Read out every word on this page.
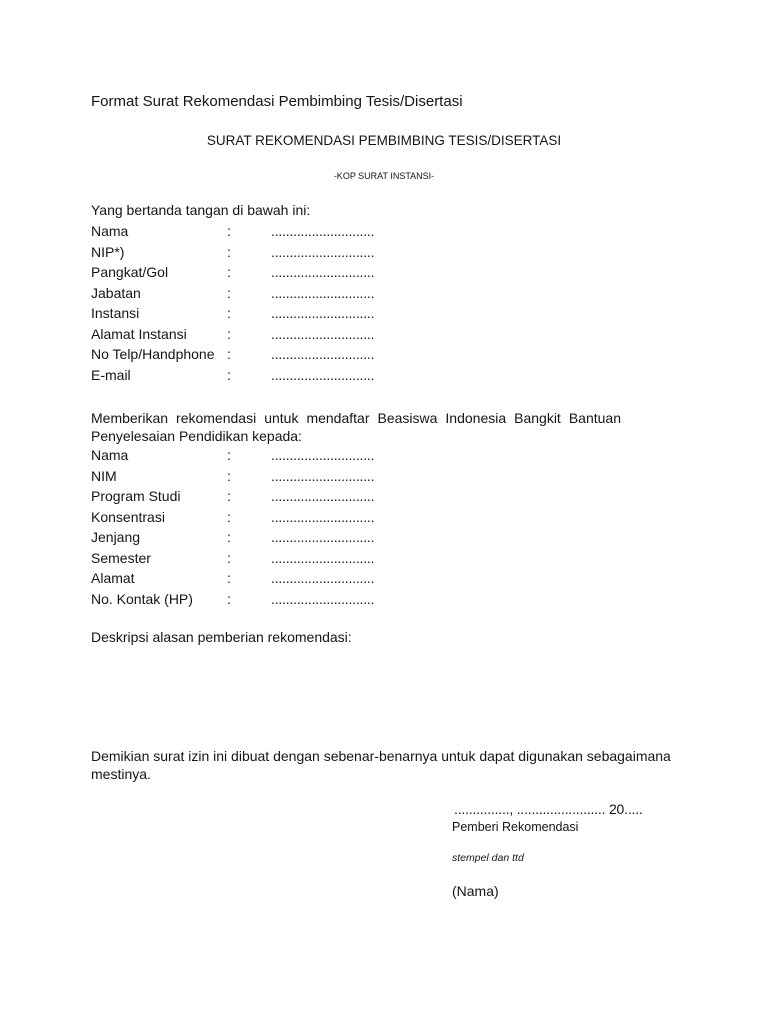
Format Surat Rekomendasi Pembimbing Tesis/Disertasi
SURAT REKOMENDASI PEMBIMBING TESIS/DISERTASI
-KOP SURAT INSTANSI-
Yang bertanda tangan di bawah ini:
Nama	:	............................
NIP*)	:	............................
Pangkat/Gol	:	............................
Jabatan	:	............................
Instansi	:	............................
Alamat Instansi	:	............................
No Telp/Handphone :	............................
E-mail	:	............................
Memberikan rekomendasi untuk mendaftar Beasiswa Indonesia Bangkit Bantuan
Penyelesaian Pendidikan kepada:
Nama	:	............................
NIM	:	............................
Program Studi	:	............................
Konsentrasi	:	............................
Jenjang	:	............................
Semester	:	............................
Alamat	:	............................
No. Kontak (HP)	:	............................
Deskripsi alasan pemberian rekomendasi:
Demikian surat izin ini dibuat dengan sebenar-benarnya untuk dapat digunakan sebagaimana
mestinya.
..............., ........................ 20.....
Pemberi Rekomendasi
stempel dan ttd
(Nama)
